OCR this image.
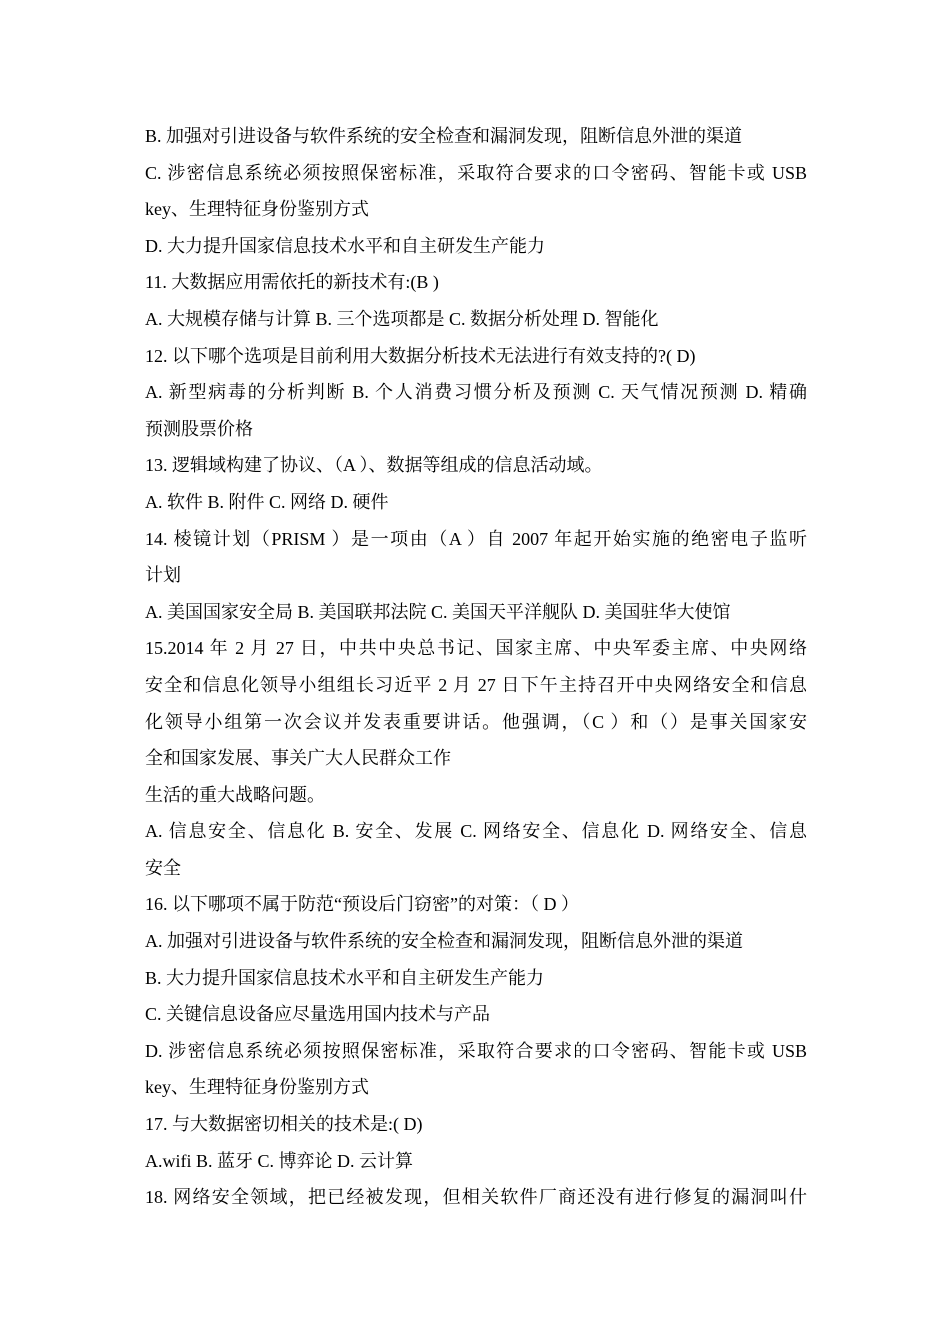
B. 加强对引进设备与软件系统的安全检查和漏洞发现，阻断信息外泄的渠道
C. 涉密信息系统必须按照保密标准，采取符合要求的口令密码、智能卡或 USB
key、生理特征身份鉴别方式
D. 大力提升国家信息技术水平和自主研发生产能力
11. 大数据应用需依托的新技术有:(B )
A. 大规模存储与计算 B. 三个选项都是 C. 数据分析处理 D. 智能化
12. 以下哪个选项是目前利用大数据分析技术无法进行有效支持的?( D)
A. 新型病毒的分析判断 B. 个人消费习惯分析及预测 C. 天气情况预测 D. 精确
预测股票价格
13. 逻辑域构建了协议、（A ）、数据等组成的信息活动域。
A. 软件 B. 附件 C. 网络 D. 硬件
14. 棱镜计划（PRISM ）是一项由（A ）自 2007 年起开始实施的绝密电子监听
计划
A. 美国国家安全局 B. 美国联邦法院 C. 美国天平洋舰队 D. 美国驻华大使馆
15.2014 年 2 月 27 日，中共中央总书记、国家主席、中央军委主席、中央网络
安全和信息化领导小组组长习近平 2 月 27 日下午主持召开中央网络安全和信息
化领导小组第一次会议并发表重要讲话。他强调，（C ）和（）是事关国家安
全和国家发展、事关广大人民群众工作
生活的重大战略问题。
A. 信息安全、信息化 B. 安全、发展 C. 网络安全、信息化 D. 网络安全、信息
安全
16. 以下哪项不属于防范“预设后门窃密”的对策：（ D ）
A. 加强对引进设备与软件系统的安全检查和漏洞发现，阻断信息外泄的渠道
B. 大力提升国家信息技术水平和自主研发生产能力
C. 关键信息设备应尽量选用国内技术与产品
D. 涉密信息系统必须按照保密标准，采取符合要求的口令密码、智能卡或 USB
key、生理特征身份鉴别方式
17. 与大数据密切相关的技术是:( D)
A.wifi B. 蓝牙 C. 博弈论 D. 云计算
18. 网络安全领域，把已经被发现，但相关软件厂商还没有进行修复的漏洞叫什
